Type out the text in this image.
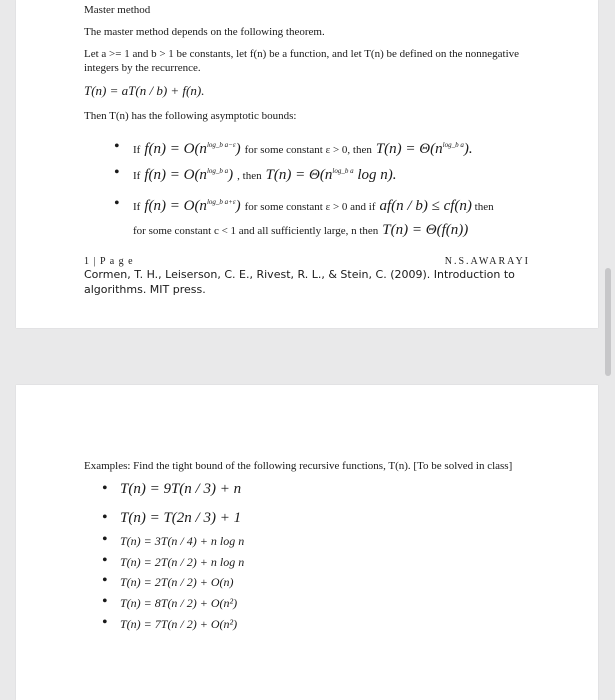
Master method
The master method depends on the following theorem.
Let a >= 1 and b > 1 be constants, let f(n) be a function, and let T(n) be defined on the nonnegative
integers by the recurrence.
T(n) = aT(n / b) + f(n).
Then T(n) has the following asymptotic bounds:
• If $f(n) = O(n^{log\_b a-\varepsilon})$ for some constant ε > 0, then $T(n) = \Theta(n^{log\_b a})$.
• If $f(n) = O(n^{log\_b a})$ , then $T(n) = \Theta(n^{log\_b a}$ log n).
• If $f(n) = O(n^{log\_b a+\varepsilon})$ for some constant ε > 0 and if af(n / b) ≤ cf(n) then
for some constant c < 1 and all sufficiently large, n then T(n) = Θ(f(n))
1 | P a g e	N.S.AWARAYI
Cormen, T. H., Leiserson, C. E., Rivest, R. L., & Stein, C. (2009). Introduction to
algorithms. MIT press.
Examples: Find the tight bound of the following recursive functions, T(n). [To be solved in class]
• T(n) = 9T(n / 3) + n
• T(n) = T(2n / 3) + 1
• T(n) = 3T(n / 4) + n log n
• T(n) = 2T(n / 2) + n log n
• T(n) = 2T(n / 2) + O(n)
• T(n) = 8T(n / 2) + O(n²)
• T(n) = 7T(n / 2) + O(n²)
